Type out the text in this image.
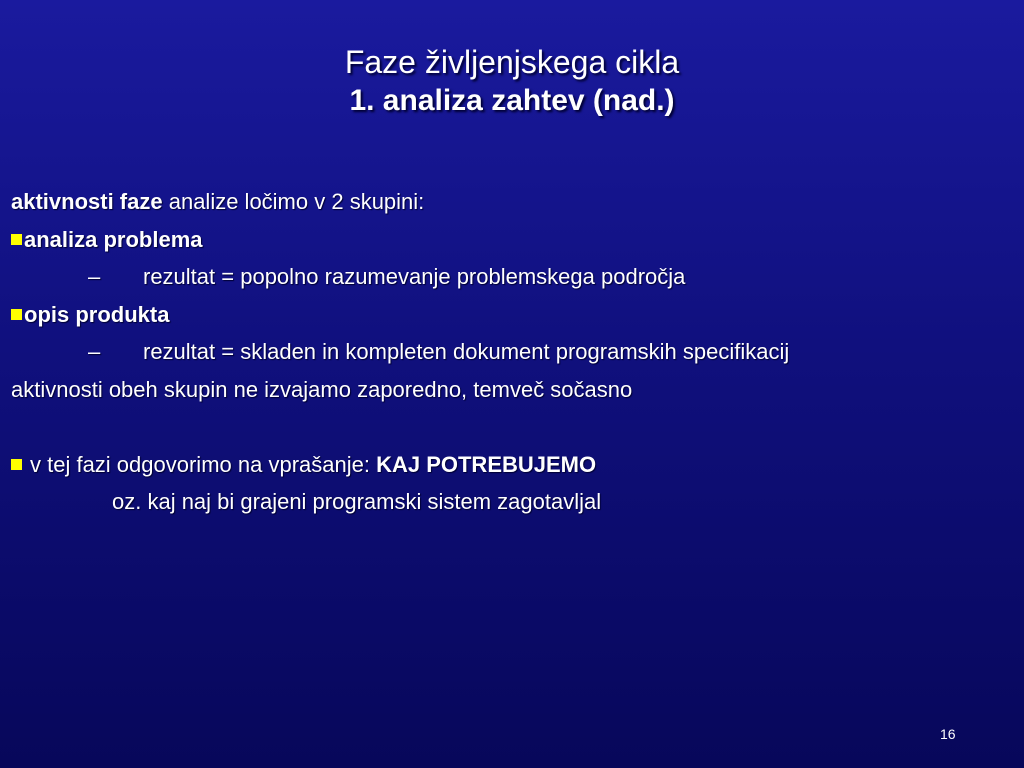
Faze življenjskega cikla
1. analiza zahtev (nad.)
aktivnosti faze analize ločimo v 2 skupini:
analiza problema
– rezultat = popolno razumevanje problemskega področja
opis produkta
– rezultat = skladen in kompleten dokument programskih specifikacij
aktivnosti obeh skupin ne izvajamo zaporedno, temveč sočasno
v tej fazi odgovorimo na vprašanje: KAJ POTREBUJEMO
oz. kaj naj bi grajeni programski sistem zagotavljal
16
